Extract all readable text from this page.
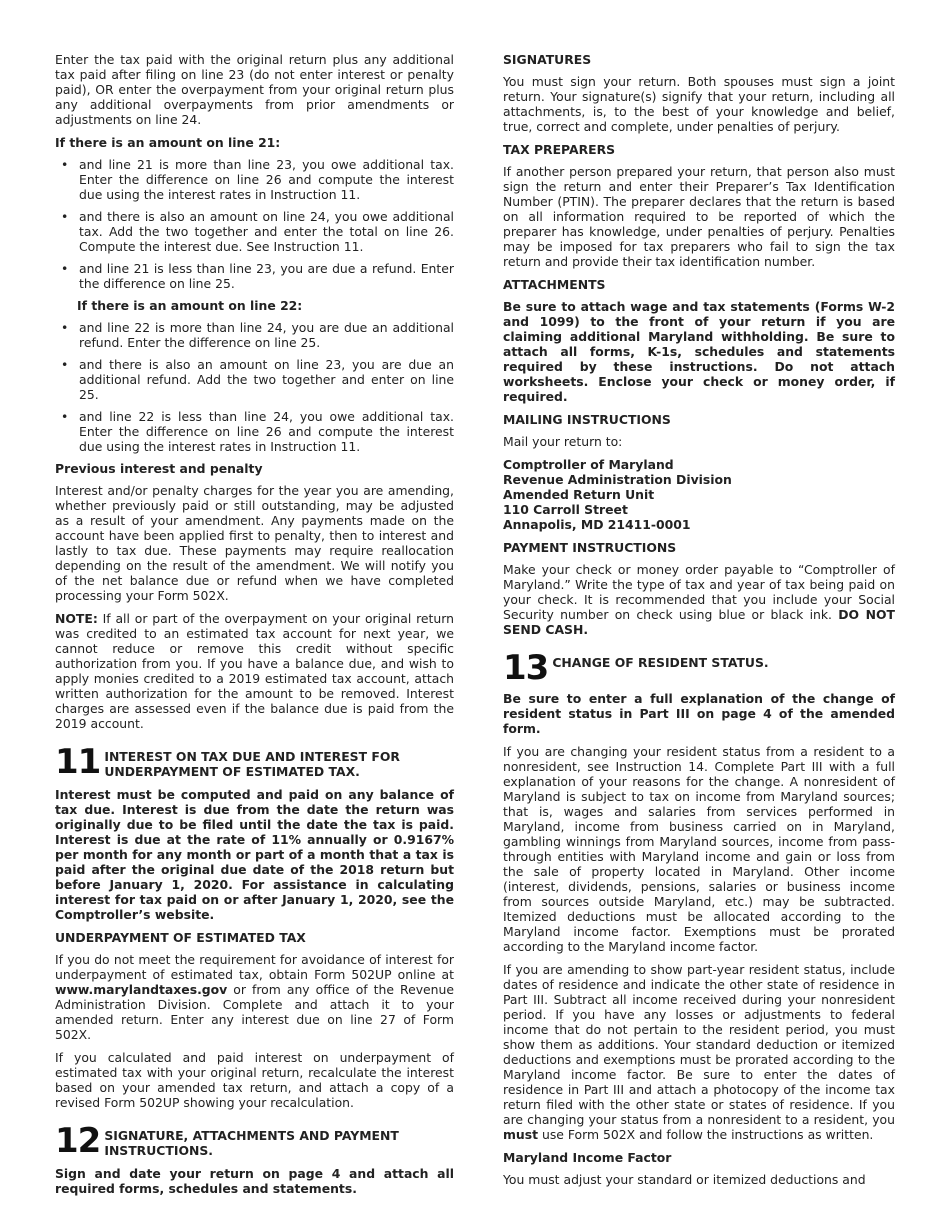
Enter the tax paid with the original return plus any additional tax paid after filing on line 23 (do not enter interest or penalty paid), OR enter the overpayment from your original return plus any additional overpayments from prior amendments or adjustments on line 24.

If there is an amount on line 21:
• and line 21 is more than line 23, you owe additional tax. Enter the difference on line 26 and compute the interest due using the interest rates in Instruction 11.
• and there is also an amount on line 24, you owe additional tax. Add the two together and enter the total on line 26. Compute the interest due. See Instruction 11.
• and line 21 is less than line 23, you are due a refund. Enter the difference on line 25.
If there is an amount on line 22:
• and line 22 is more than line 24, you are due an additional refund. Enter the difference on line 25.
• and there is also an amount on line 23, you are due an additional refund. Add the two together and enter on line 25.
• and line 22 is less than line 24, you owe additional tax. Enter the difference on line 26 and compute the interest due using the interest rates in Instruction 11.
Previous interest and penalty

Interest and/or penalty charges for the year you are amending, whether previously paid or still outstanding, may be adjusted as a result of your amendment. Any payments made on the account have been applied first to penalty, then to interest and lastly to tax due. These payments may require reallocation depending on the result of the amendment. We will notify you of the net balance due or refund when we have completed processing your Form 502X.

NOTE: If all or part of the overpayment on your original return was credited to an estimated tax account for next year, we cannot reduce or remove this credit without specific authorization from you. If you have a balance due, and wish to apply monies credited to a 2019 estimated tax account, attach written authorization for the amount to be removed. Interest charges are assessed even if the balance due is paid from the 2019 account.

11 INTEREST ON TAX DUE AND INTEREST FOR UNDERPAYMENT OF ESTIMATED TAX.

Interest must be computed and paid on any balance of tax due. Interest is due from the date the return was originally due to be filed until the date the tax is paid. Interest is due at the rate of 11% annually or 0.9167% per month for any month or part of a month that a tax is paid after the original due date of the 2018 return but before January 1, 2020. For assistance in calculating interest for tax paid on or after January 1, 2020, see the Comptroller’s website.

UNDERPAYMENT OF ESTIMATED TAX

If you do not meet the requirement for avoidance of interest for underpayment of estimated tax, obtain Form 502UP online at www.marylandtaxes.gov or from any office of the Revenue Administration Division. Complete and attach it to your amended return. Enter any interest due on line 27 of Form 502X.

If you calculated and paid interest on underpayment of estimated tax with your original return, recalculate the interest based on your amended tax return, and attach a copy of a revised Form 502UP showing your recalculation.

12 SIGNATURE, ATTACHMENTS AND PAYMENT INSTRUCTIONS.

Sign and date your return on page 4 and attach all required forms, schedules and statements.

SIGNATURES

You must sign your return. Both spouses must sign a joint return. Your signature(s) signify that your return, including all attachments, is, to the best of your knowledge and belief, true, correct and complete, under penalties of perjury.

TAX PREPARERS

If another person prepared your return, that person also must sign the return and enter their Preparer’s Tax Identification Number (PTIN). The preparer declares that the return is based on all information required to be reported of which the preparer has knowledge, under penalties of perjury. Penalties may be imposed for tax preparers who fail to sign the tax return and provide their tax identification number.

ATTACHMENTS

Be sure to attach wage and tax statements (Forms W-2 and 1099) to the front of your return if you are claiming additional Maryland withholding. Be sure to attach all forms, K-1s, schedules and statements required by these instructions. Do not attach worksheets. Enclose your check or money order, if required.

MAILING INSTRUCTIONS

Mail your return to:

Comptroller of Maryland
Revenue Administration Division
Amended Return Unit
110 Carroll Street
Annapolis, MD 21411-0001
PAYMENT INSTRUCTIONS

Make your check or money order payable to “Comptroller of Maryland.” Write the type of tax and year of tax being paid on your check. It is recommended that you include your Social Security number on check using blue or black ink. DO NOT SEND CASH.

13 CHANGE OF RESIDENT STATUS.

Be sure to enter a full explanation of the change of resident status in Part III on page 4 of the amended form.

If you are changing your resident status from a resident to a nonresident, see Instruction 14. Complete Part III with a full explanation of your reasons for the change. A nonresident of Maryland is subject to tax on income from Maryland sources; that is, wages and salaries from services performed in Maryland, income from business carried on in Maryland, gambling winnings from Maryland sources, income from pass-through entities with Maryland income and gain or loss from the sale of property located in Maryland. Other income (interest, dividends, pensions, salaries or business income from sources outside Maryland, etc.) may be subtracted. Itemized deductions must be allocated according to the Maryland income factor. Exemptions must be prorated according to the Maryland income factor.

If you are amending to show part-year resident status, include dates of residence and indicate the other state of residence in Part III. Subtract all income received during your nonresident period. If you have any losses or adjustments to federal income that do not pertain to the resident period, you must show them as additions. Your standard deduction or itemized deductions and exemptions must be prorated according to the Maryland income factor. Be sure to enter the dates of residence in Part III and attach a photocopy of the income tax return filed with the other state or states of residence. If you are changing your status from a nonresident to a resident, you must use Form 502X and follow the instructions as written.

Maryland Income Factor

You must adjust your standard or itemized deductions and
